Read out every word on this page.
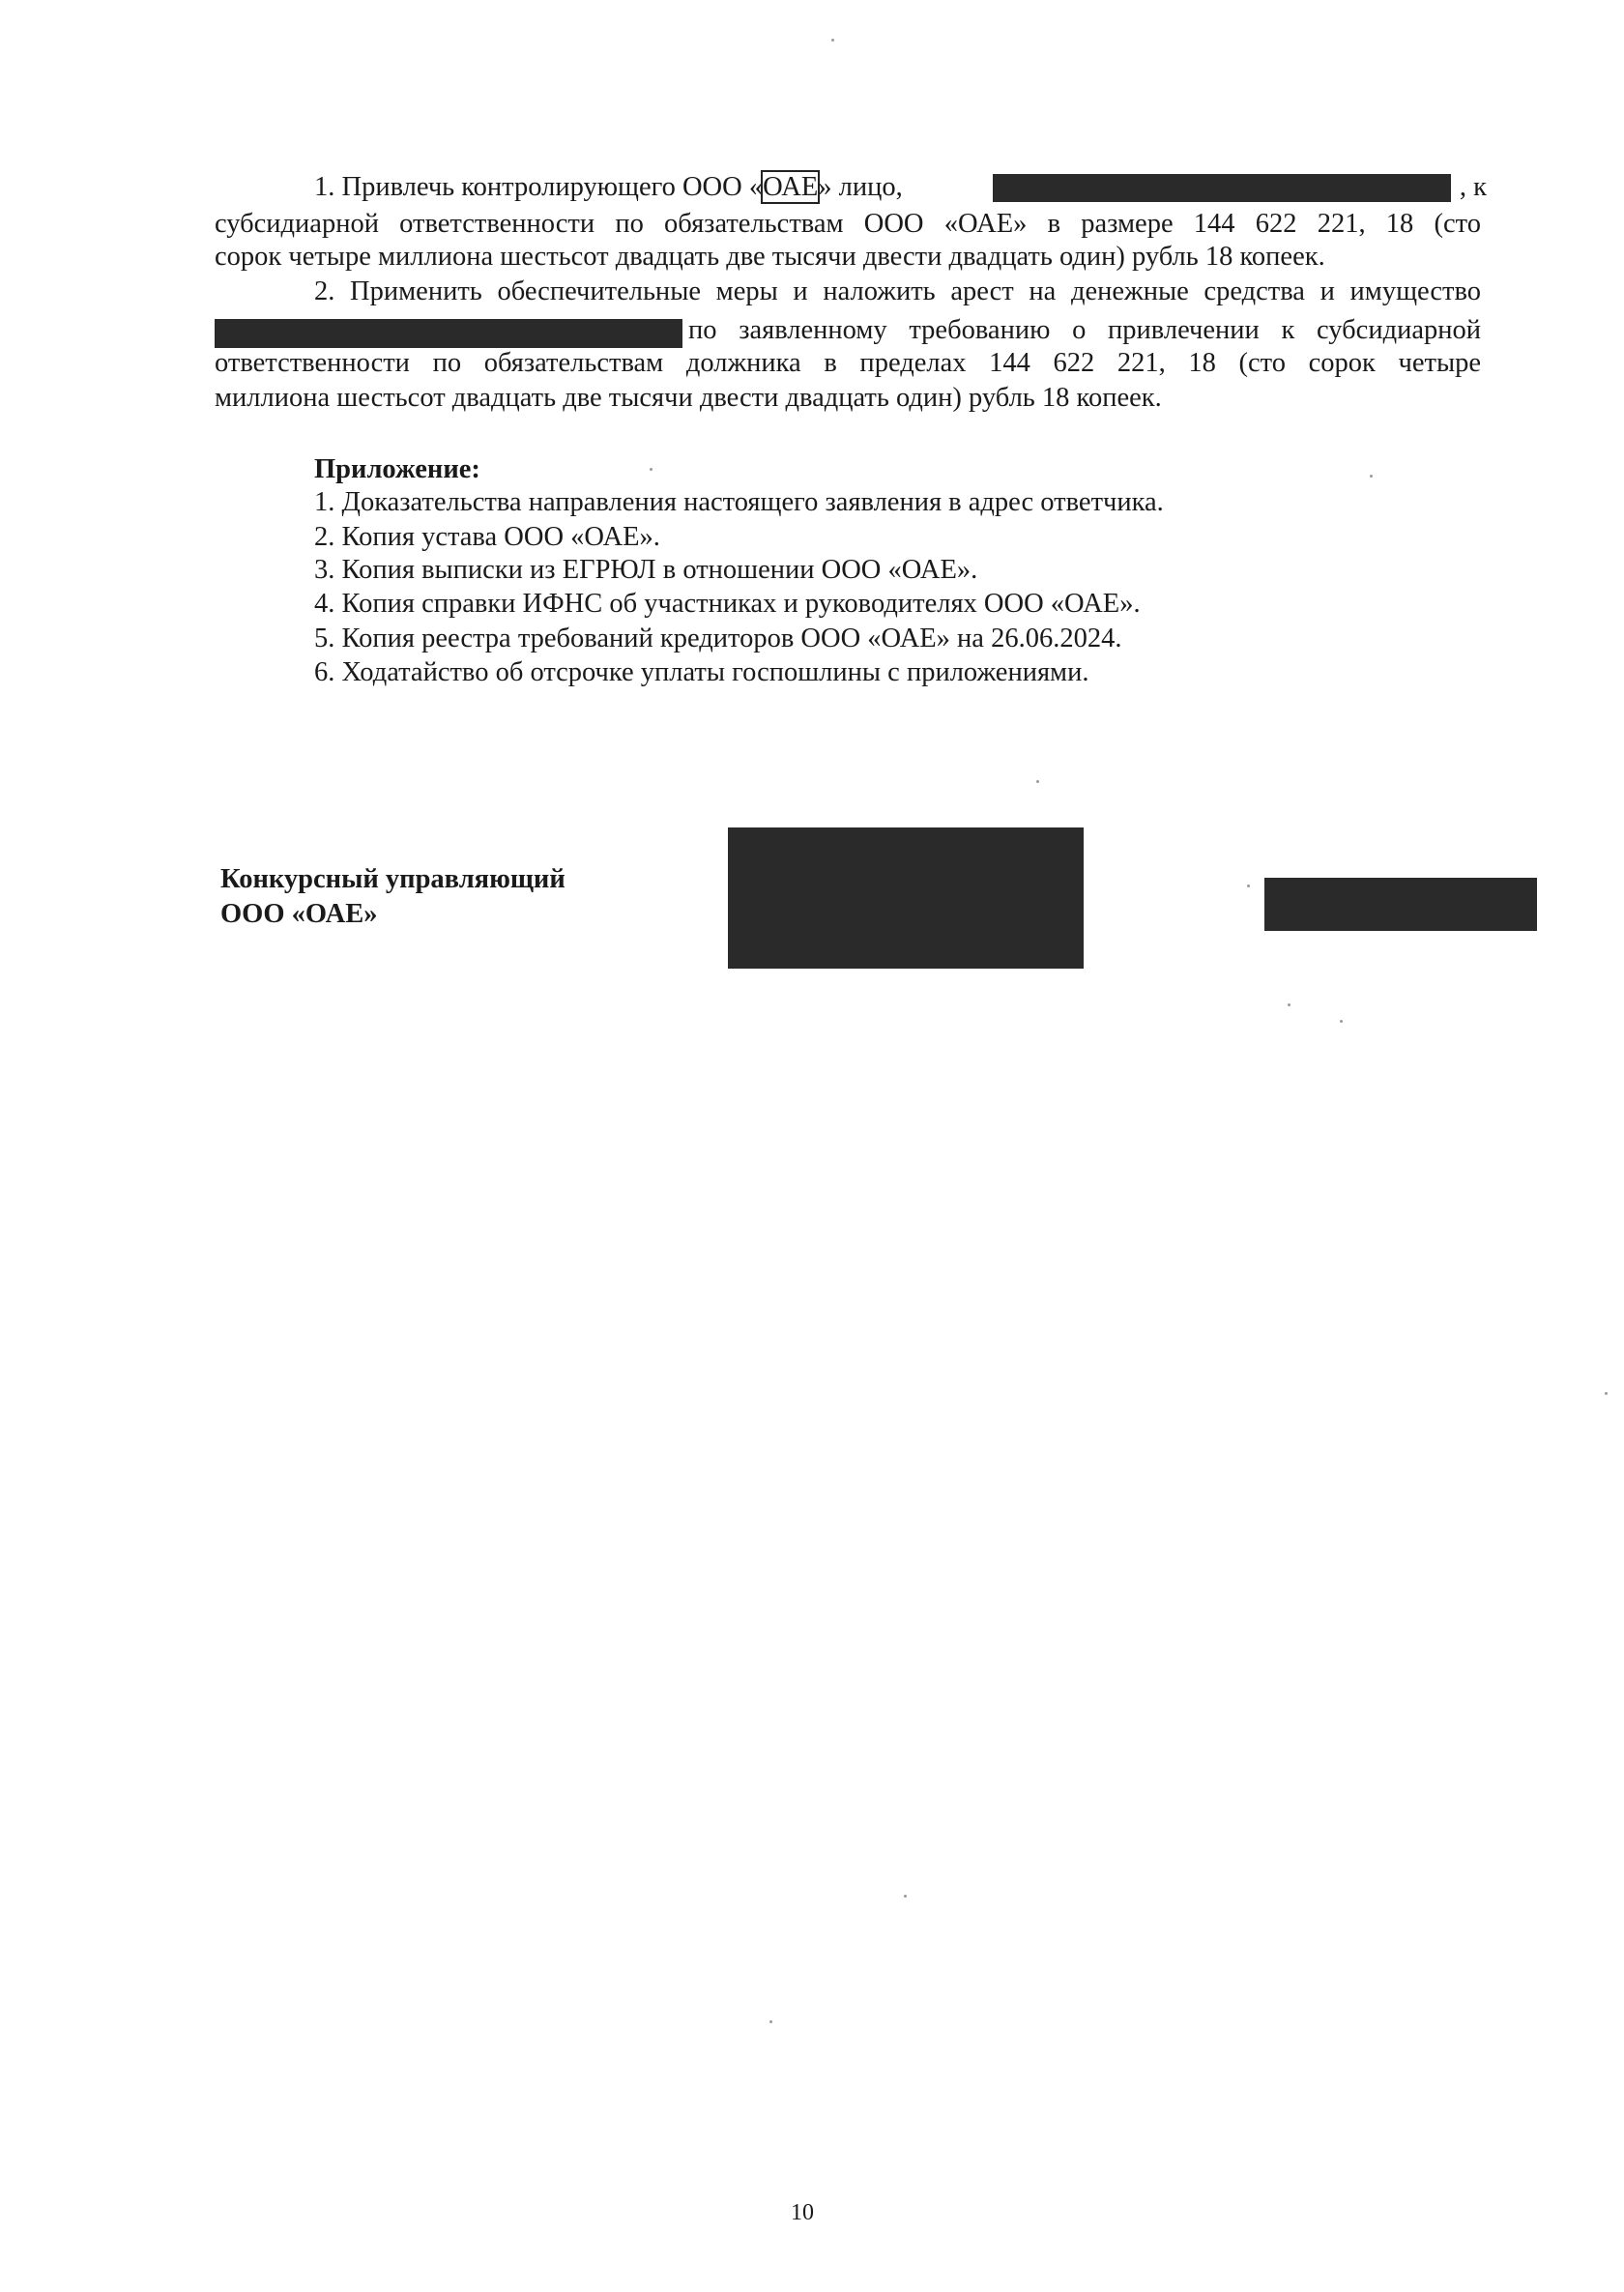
1. Привлечь контролирующего ООО «ОАЕ» лицо,	, к
субсидиарной ответственности по обязательствам ООО «ОАЕ» в размере 144 622 221, 18 (сто
сорок четыре миллиона шестьсот двадцать две тысячи двести двадцать один) рубль 18 копеек.
2. Применить обеспечительные меры и наложить арест на денежные средства и имущество
по заявленному требованию о привлечении к субсидиарной
ответственности по обязательствам должника в пределах 144 622 221, 18 (сто сорок четыре
миллиона шестьсот двадцать две тысячи двести двадцать один) рубль 18 копеек.
Приложение:
1. Доказательства направления настоящего заявления в адрес ответчика.
2. Копия устава ООО «ОАЕ».
3. Копия выписки из ЕГРЮЛ в отношении ООО «ОАЕ».
4. Копия справки ИФНС об участниках и руководителях ООО «ОАЕ».
5. Копия реестра требований кредиторов ООО «ОАЕ» на 26.06.2024.
6. Ходатайство об отсрочке уплаты госпошлины с приложениями.
Конкурсный управляющий
ООО «ОАЕ»
10
